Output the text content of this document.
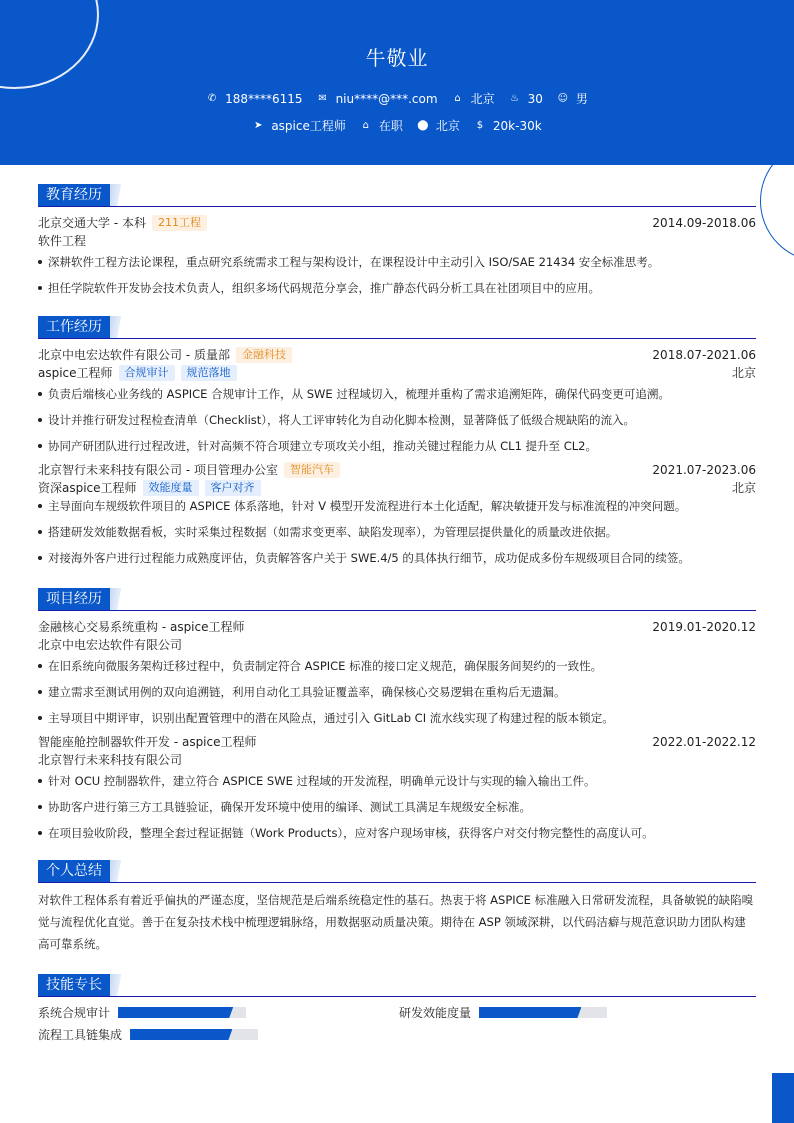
牛敬业
✆ 188****6115 ✉ niu****@***.com ⌂ 北京 ♨ 30 ☺ 男
➤ aspice工程师 ⌂ 在职 ⬤ 北京 $ 20k-30k
教育经历
北京交通大学 - 本科	211工程	2014.09-2018.06
软件工程

深耕软件工程方法论课程，重点研究系统需求工程与架构设计，在课程设计中主动引入 ISO/SAE 21434 安全标准思考。

担任学院软件开发协会技术负责人，组织多场代码规范分享会，推广静态代码分析工具在社团项目中的应用。

工作经历
北京中电宏达软件有限公司 - 质量部	金融科技	2018.07-2021.06
aspice工程师	合规审计	规范落地	北京

负责后端核心业务线的 ASPICE 合规审计工作，从 SWE 过程域切入，梳理并重构了需求追溯矩阵，确保代码变更可追溯。

设计并推行研发过程检查清单（Checklist），将人工评审转化为自动化脚本检测，显著降低了低级合规缺陷的流入。

协同产研团队进行过程改进，针对高频不符合项建立专项攻关小组，推动关键过程能力从 CL1 提升至 CL2。

北京智行未来科技有限公司 - 项目管理办公室	智能汽车	2021.07-2023.06
资深aspice工程师	效能度量	客户对齐	北京

主导面向车规级软件项目的 ASPICE 体系落地，针对 V 模型开发流程进行本土化适配，解决敏捷开发与标准流程的冲突问题。

搭建研发效能数据看板，实时采集过程数据（如需求变更率、缺陷发现率），为管理层提供量化的质量改进依据。

对接海外客户进行过程能力成熟度评估，负责解答客户关于 SWE.4/5 的具体执行细节，成功促成多份车规级项目合同的续签。

项目经历
金融核心交易系统重构 - aspice工程师	2019.01-2020.12
北京中电宏达软件有限公司

在旧系统向微服务架构迁移过程中，负责制定符合 ASPICE 标准的接口定义规范，确保服务间契约的一致性。

建立需求至测试用例的双向追溯链，利用自动化工具验证覆盖率，确保核心交易逻辑在重构后无遗漏。

主导项目中期评审，识别出配置管理中的潜在风险点，通过引入 GitLab CI 流水线实现了构建过程的版本锁定。

智能座舱控制器软件开发 - aspice工程师	2022.01-2022.12
北京智行未来科技有限公司

针对 OCU 控制器软件，建立符合 ASPICE SWE 过程域的开发流程，明确单元设计与实现的输入输出工件。

协助客户进行第三方工具链验证，确保开发环境中使用的编译、测试工具满足车规级安全标准。

在项目验收阶段，整理全套过程证据链（Work Products），应对客户现场审核，获得客户对交付物完整性的高度认可。

个人总结
对软件工程体系有着近乎偏执的严谨态度，坚信规范是后端系统稳定性的基石。热衷于将 ASPICE 标准融入日常研发流程，具备敏锐的缺陷嗅觉与流程优化直觉。善于在复杂技术栈中梳理逻辑脉络，用数据驱动质量决策。期待在 ASP 领域深耕，以代码洁癖与规范意识助力团队构建高可靠系统。
技能专长
系统合规审计	研发效能度量
流程工具链集成
